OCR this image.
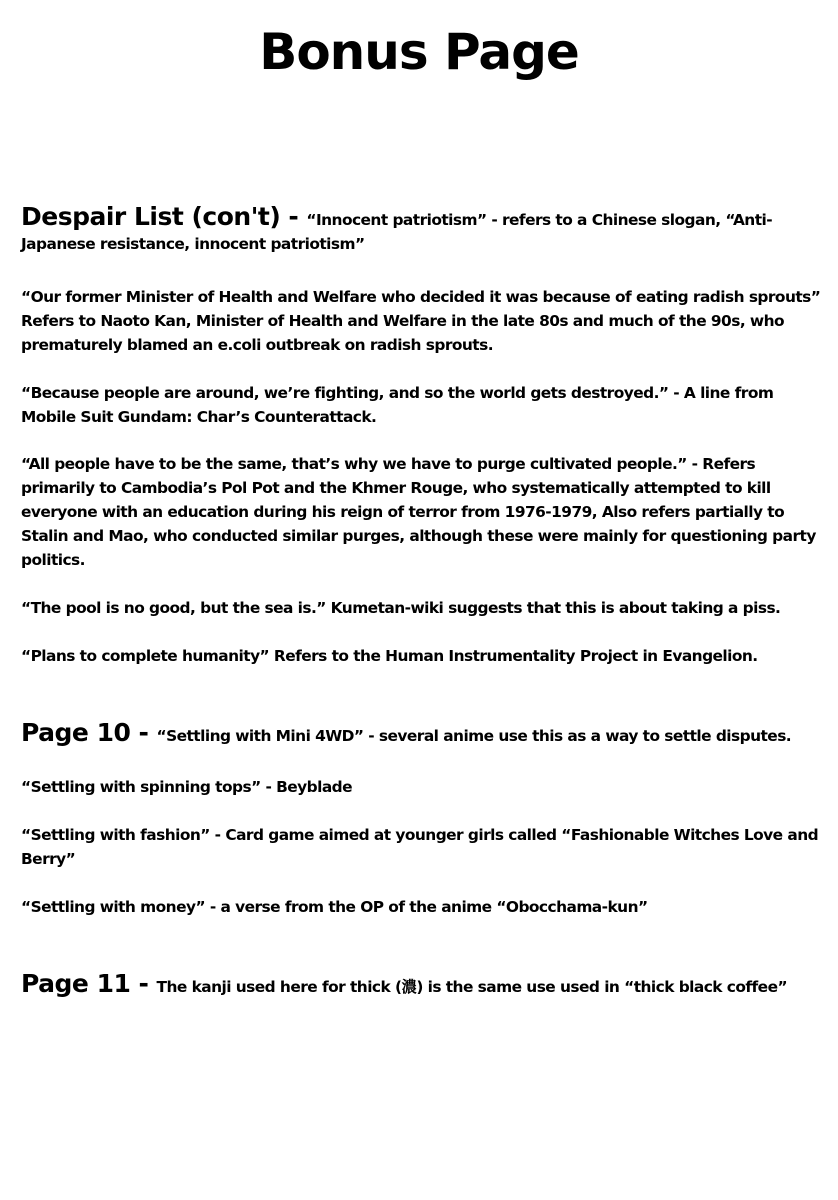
Bonus Page

Despair List (con't) - “Innocent patriotism” - refers to a Chinese slogan, “Anti-Japanese resistance, innocent patriotism”

“Our former Minister of Health and Welfare who decided it was because of eating radish sprouts” Refers to Naoto Kan, Minister of Health and Welfare in the late 80s and much of the 90s, who prematurely blamed an e.coli outbreak on radish sprouts.

“Because people are around, we’re fighting, and so the world gets destroyed.” - A line from Mobile Suit Gundam: Char’s Counterattack.

“All people have to be the same, that’s why we have to purge cultivated people.” - Refers primarily to Cambodia’s Pol Pot and the Khmer Rouge, who systematically attempted to kill everyone with an education during his reign of terror from 1976-1979, Also refers partially to Stalin and Mao, who conducted similar purges, although these were mainly for questioning party politics.

“The pool is no good, but the sea is.” Kumetan-wiki suggests that this is about taking a piss.

“Plans to complete humanity” Refers to the Human Instrumentality Project in Evangelion.

Page 10 - “Settling with Mini 4WD” - several anime use this as a way to settle disputes.

“Settling with spinning tops” - Beyblade

“Settling with fashion” - Card game aimed at younger girls called “Fashionable Witches Love and Berry”

“Settling with money” - a verse from the OP of the anime “Obocchama-kun”

Page 11 - The kanji used here for thick (濃) is the same use used in “thick black coffee”
